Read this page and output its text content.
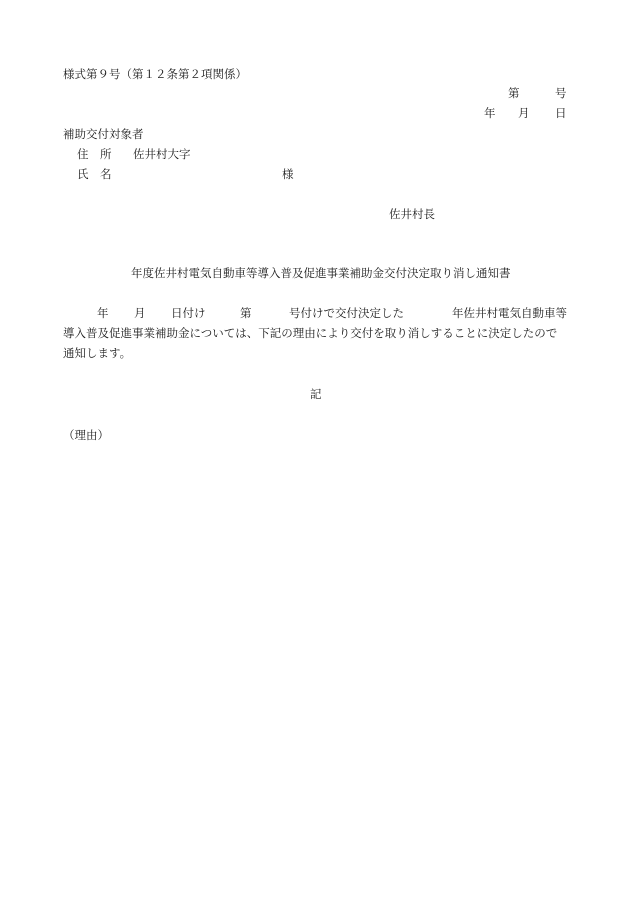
様式第９号（第１２条第２項関係）
第	号
年 月 日
補助交付対象者
住 所 佐井村大字
氏 名	様
佐井村長
年度佐井村電気自動車等導入普及促進事業補助金交付決定取り消し通知書
年 月 日付け	第	号付けで交付決定した	年佐井村電気自動車等
導入普及促進事業補助金については、下記の理由により交付を取り消しすることに決定したので
通知します。
記
（理由）
